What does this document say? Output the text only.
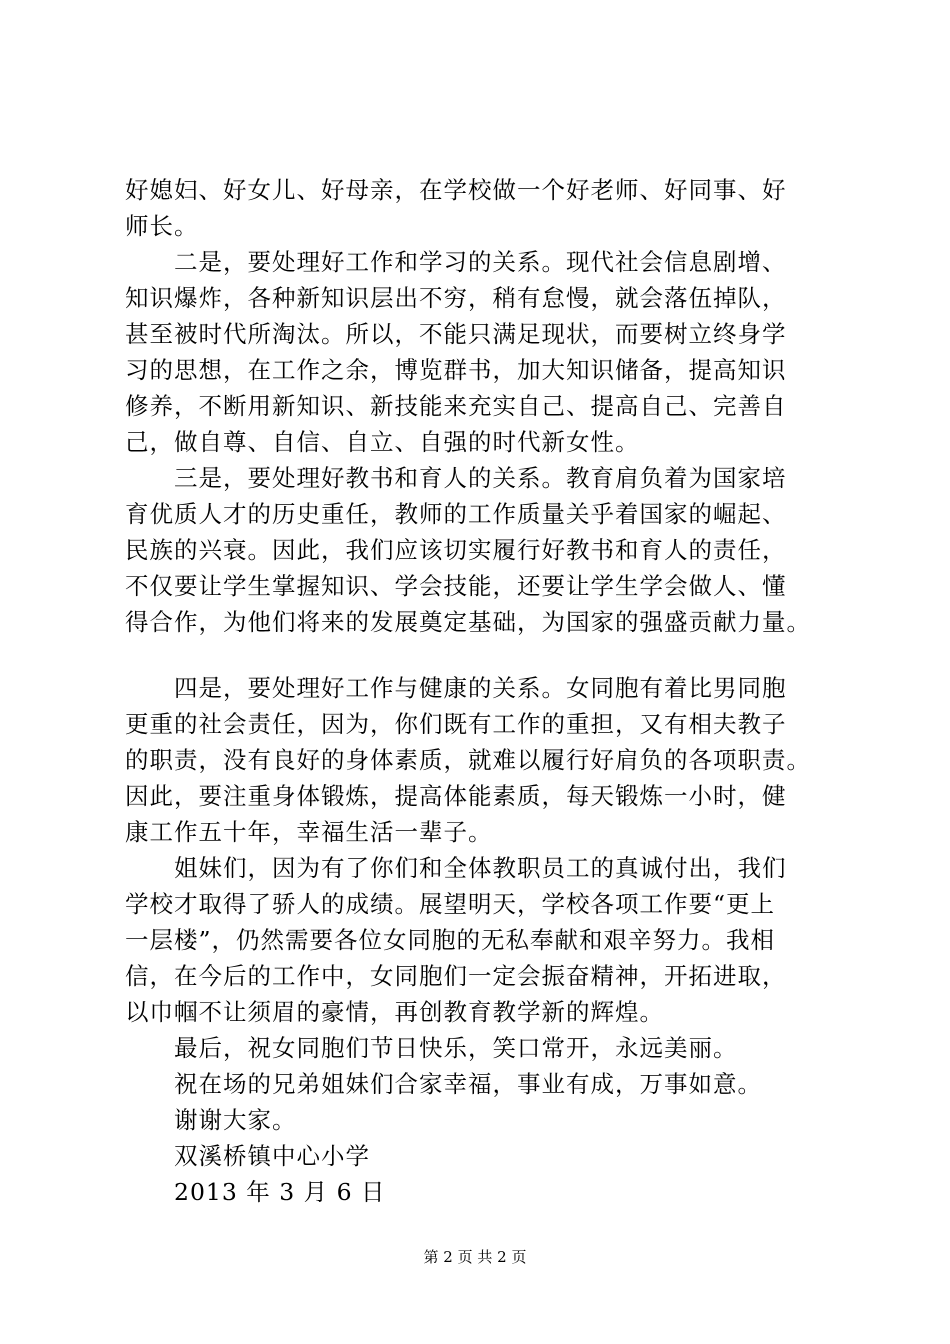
好媳妇、好女儿、好母亲，在学校做一个好老师、好同事、好
师长。
二是，要处理好工作和学习的关系。现代社会信息剧增、
知识爆炸，各种新知识层出不穷，稍有怠慢，就会落伍掉队，
甚至被时代所淘汰。所以，不能只满足现状，而要树立终身学
习的思想，在工作之余，博览群书，加大知识储备，提高知识
修养，不断用新知识、新技能来充实自己、提高自己、完善自
己，做自尊、自信、自立、自强的时代新女性。
三是，要处理好教书和育人的关系。教育肩负着为国家培
育优质人才的历史重任，教师的工作质量关乎着国家的崛起、
民族的兴衰。因此，我们应该切实履行好教书和育人的责任，
不仅要让学生掌握知识、学会技能，还要让学生学会做人、懂
得合作，为他们将来的发展奠定基础，为国家的强盛贡献力量。
四是，要处理好工作与健康的关系。女同胞有着比男同胞
更重的社会责任，因为，你们既有工作的重担，又有相夫教子
的职责，没有良好的身体素质，就难以履行好肩负的各项职责。
因此，要注重身体锻炼，提高体能素质，每天锻炼一小时，健
康工作五十年，幸福生活一辈子。
姐妹们，因为有了你们和全体教职员工的真诚付出，我们
学校才取得了骄人的成绩。展望明天，学校各项工作要“更上
一层楼”，仍然需要各位女同胞的无私奉献和艰辛努力。我相
信，在今后的工作中，女同胞们一定会振奋精神，开拓进取，
以巾帼不让须眉的豪情，再创教育教学新的辉煌。
最后，祝女同胞们节日快乐，笑口常开，永远美丽。
祝在场的兄弟姐妹们合家幸福，事业有成，万事如意。
谢谢大家。
双溪桥镇中心小学
2013 年 3 月 6 日
第 2 页 共 2 页
